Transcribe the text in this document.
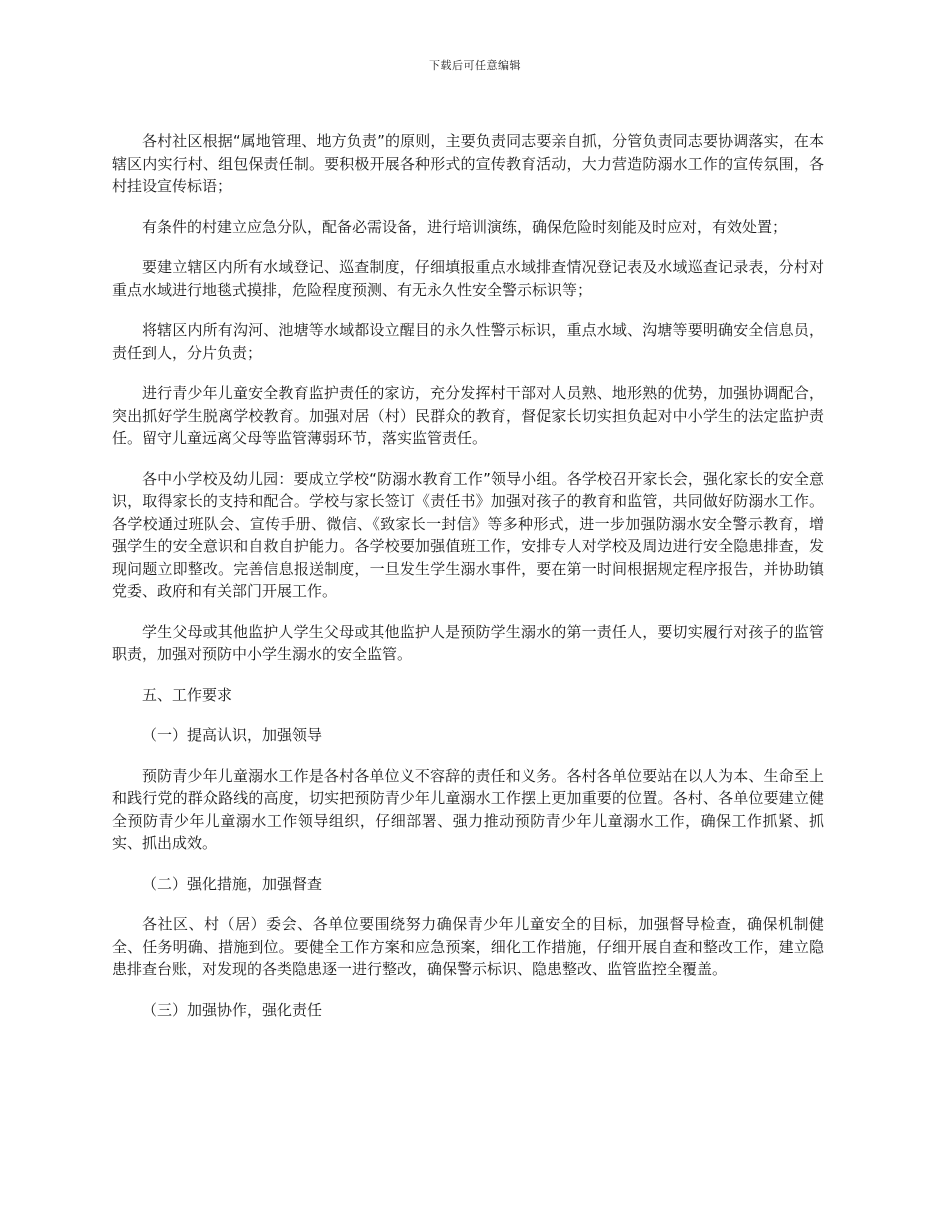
下载后可任意编辑

各村社区根据“属地管理、地方负责”的原则，主要负责同志要亲自抓，分管负责同志要协调落实，在本辖区内实行村、组包保责任制。要积极开展各种形式的宣传教育活动，大力营造防溺水工作的宣传氛围，各村挂设宣传标语；

有条件的村建立应急分队，配备必需设备，进行培训演练，确保危险时刻能及时应对，有效处置；

要建立辖区内所有水域登记、巡查制度，仔细填报重点水域排查情况登记表及水域巡查记录表，分村对重点水域进行地毯式摸排，危险程度预测、有无永久性安全警示标识等；

将辖区内所有沟河、池塘等水域都设立醒目的永久性警示标识，重点水域、沟塘等要明确安全信息员，责任到人，分片负责；

进行青少年儿童安全教育监护责任的家访，充分发挥村干部对人员熟、地形熟的优势，加强协调配合，突出抓好学生脱离学校教育。加强对居（村）民群众的教育，督促家长切实担负起对中小学生的法定监护责任。留守儿童远离父母等监管薄弱环节，落实监管责任。

各中小学校及幼儿园：要成立学校“防溺水教育工作”领导小组。各学校召开家长会，强化家长的安全意识，取得家长的支持和配合。学校与家长签订《责任书》加强对孩子的教育和监管，共同做好防溺水工作。各学校通过班队会、宣传手册、微信、《致家长一封信》等多种形式，进一步加强防溺水安全警示教育，增强学生的安全意识和自救自护能力。各学校要加强值班工作，安排专人对学校及周边进行安全隐患排查，发现问题立即整改。完善信息报送制度，一旦发生学生溺水事件，要在第一时间根据规定程序报告，并协助镇党委、政府和有关部门开展工作。

学生父母或其他监护人学生父母或其他监护人是预防学生溺水的第一责任人，要切实履行对孩子的监管职责，加强对预防中小学生溺水的安全监管。

五、工作要求

（一）提高认识，加强领导

预防青少年儿童溺水工作是各村各单位义不容辞的责任和义务。各村各单位要站在以人为本、生命至上和践行党的群众路线的高度，切实把预防青少年儿童溺水工作摆上更加重要的位置。各村、各单位要建立健全预防青少年儿童溺水工作领导组织，仔细部署、强力推动预防青少年儿童溺水工作，确保工作抓紧、抓实、抓出成效。

（二）强化措施，加强督查

各社区、村（居）委会、各单位要围绕努力确保青少年儿童安全的目标，加强督导检查，确保机制健全、任务明确、措施到位。要健全工作方案和应急预案，细化工作措施，仔细开展自查和整改工作，建立隐患排查台账，对发现的各类隐患逐一进行整改，确保警示标识、隐患整改、监管监控全覆盖。

（三）加强协作，强化责任
